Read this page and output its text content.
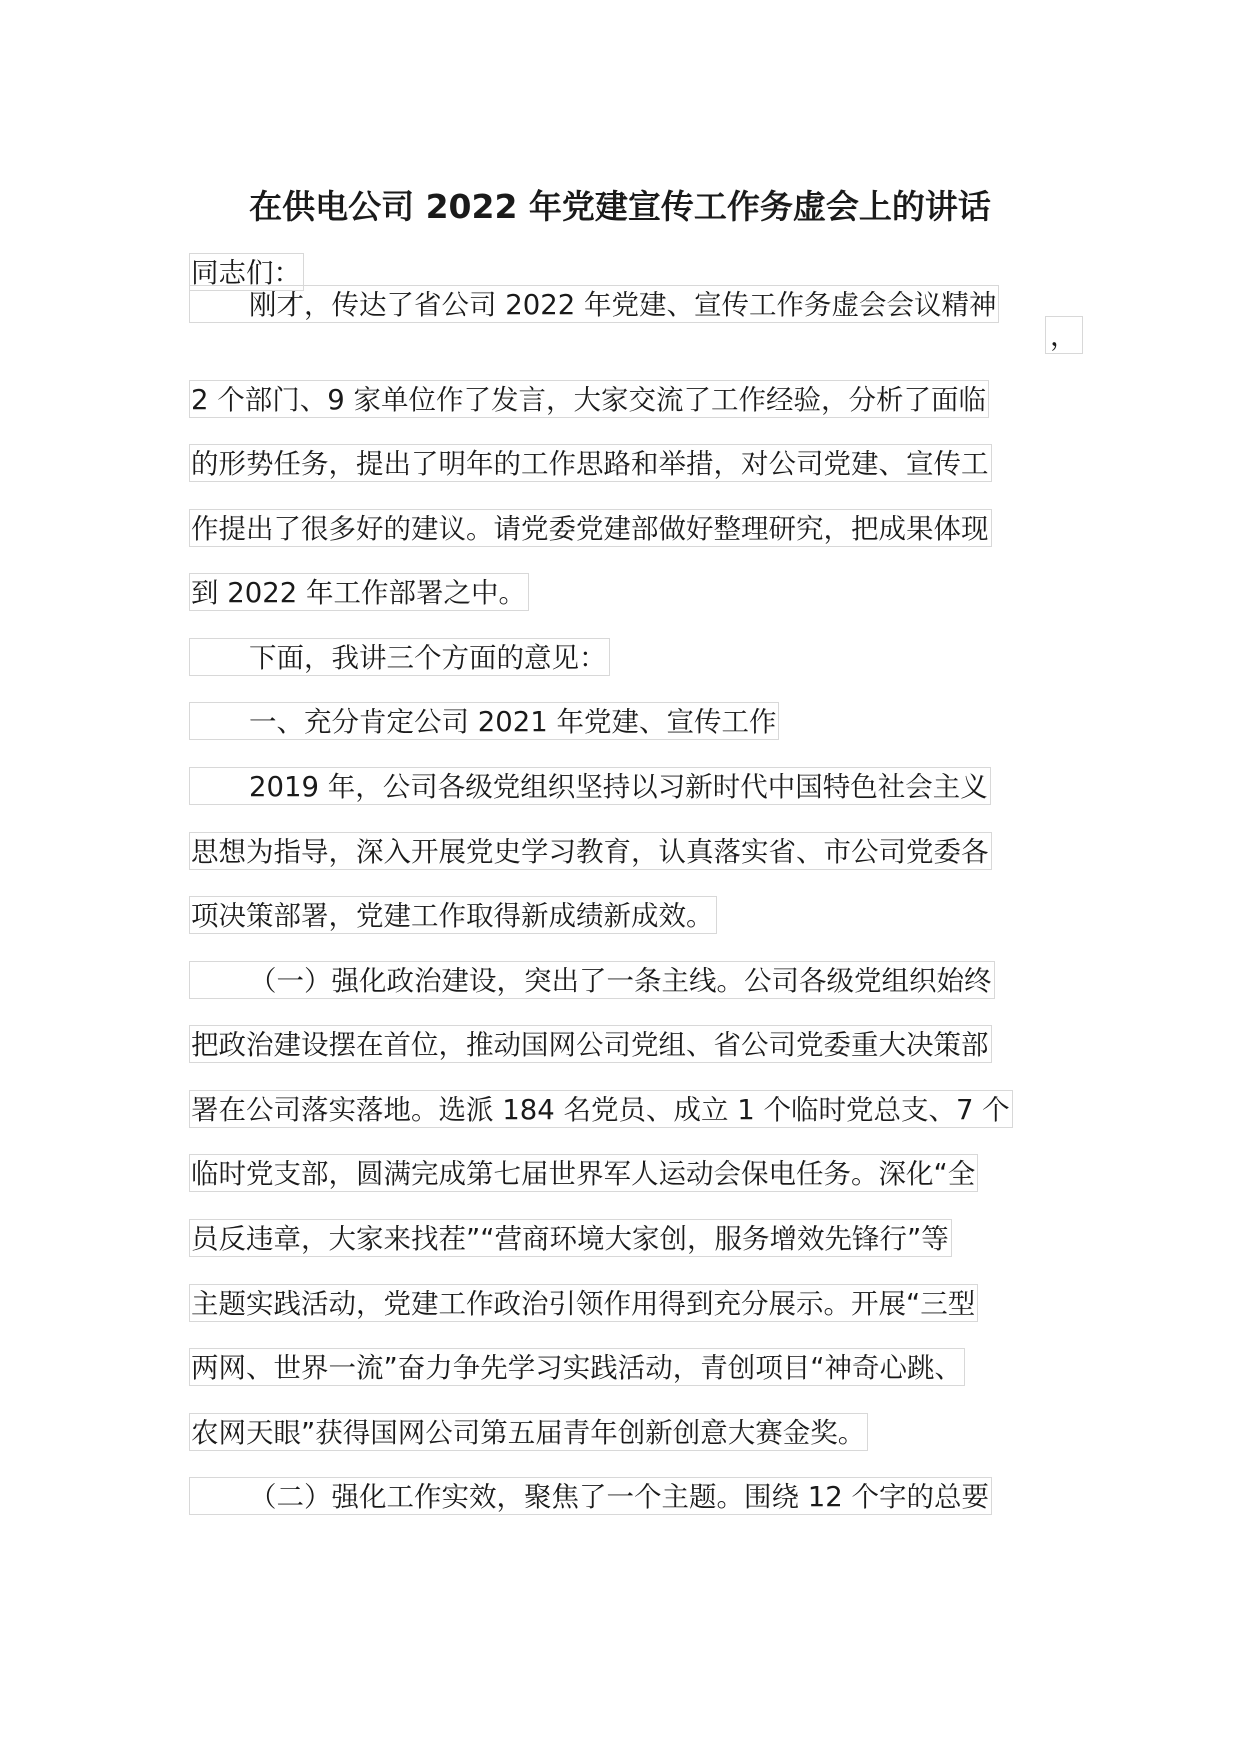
在供电公司 2022 年党建宣传工作务虚会上的讲话
同志们：
刚才，传达了省公司 2022 年党建、宣传工作务虚会会议精神
，
2 个部门、9 家单位作了发言，大家交流了工作经验，分析了面临
的形势任务，提出了明年的工作思路和举措，对公司党建、宣传工
作提出了很多好的建议。请党委党建部做好整理研究，把成果体现
到 2022 年工作部署之中。
下面，我讲三个方面的意见：
一、充分肯定公司 2021 年党建、宣传工作
2019 年，公司各级党组织坚持以习新时代中国特色社会主义
思想为指导，深入开展党史学习教育，认真落实省、市公司党委各
项决策部署，党建工作取得新成绩新成效。
（一）强化政治建设，突出了一条主线。公司各级党组织始终
把政治建设摆在首位，推动国网公司党组、省公司党委重大决策部
署在公司落实落地。选派 184 名党员、成立 1 个临时党总支、7 个
临时党支部，圆满完成第七届世界军人运动会保电任务。深化“全
员反违章，大家来找茬”“营商环境大家创，服务增效先锋行”等
主题实践活动，党建工作政治引领作用得到充分展示。开展“三型
两网、世界一流”奋力争先学习实践活动，青创项目“神奇心跳、
农网天眼”获得国网公司第五届青年创新创意大赛金奖。
（二）强化工作实效，聚焦了一个主题。围绕 12 个字的总要
